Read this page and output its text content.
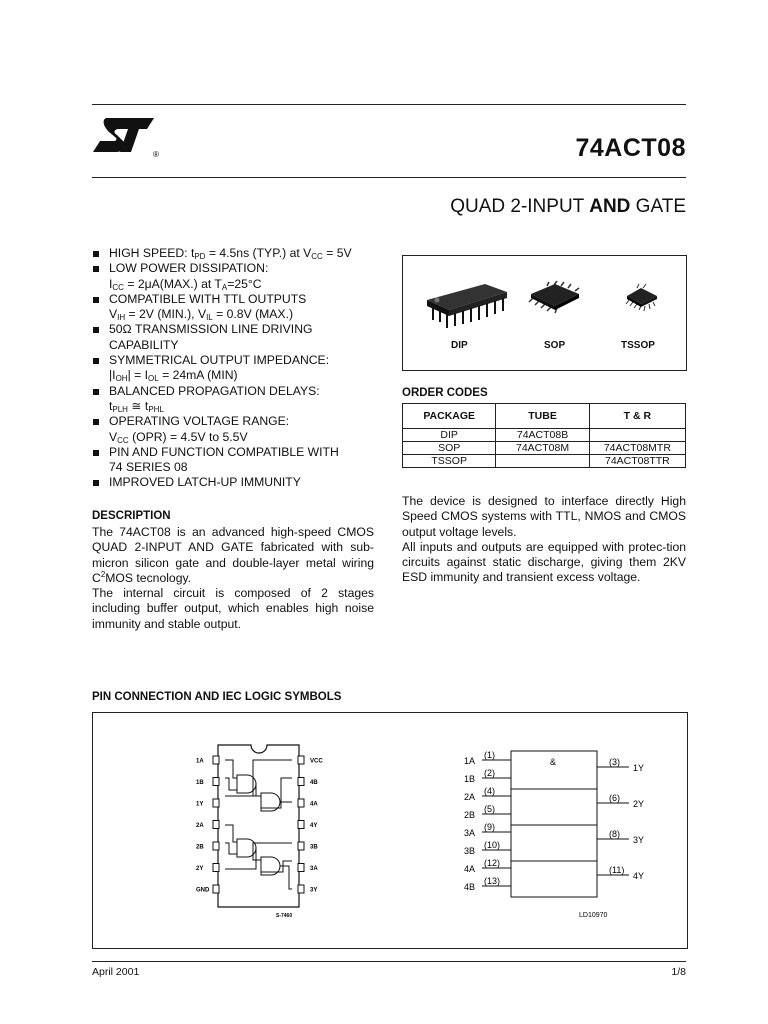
®	74ACT08
QUAD 2-INPUT AND GATE
HIGH SPEED: $t_{PD} = 4.5ns$ (TYP.) at $V_{CC} = 5V$
LOW POWER DISSIPATION:
$I_{CC} = 2\mu A(MAX.)$ at $T_A=25^\circ C$
COMPATIBLE WITH TTL OUTPUTS
$V_{IH} = 2V$ (MIN.), $V_{IL} = 0.8V$ (MAX.)
50Ω TRANSMISSION LINE DRIVING
CAPABILITY
SYMMETRICAL OUTPUT IMPEDANCE:
$|I_{OH}| = I_{OL} = 24mA$ (MIN)
BALANCED PROPAGATION DELAYS:
$t_{PLH}$ ≅ $t_{PHL}$
OPERATING VOLTAGE RANGE:
$V_{CC}$ (OPR) = 4.5V to 5.5V
PIN AND FUNCTION COMPATIBLE WITH
74 SERIES 08
IMPROVED LATCH-UP IMMUNITY
DESCRIPTION
The 74ACT08 is an advanced high-speed CMOS QUAD 2-INPUT AND GATE fabricated with sub-micron silicon gate and double-layer metal wiring $C^2MOS$ tecnology.
The internal circuit is composed of 2 stages including buffer output, which enables high noise immunity and stable output.
DIP	SOP	TSSOP
ORDER CODES
PACKAGE	TUBE	T & R
DIP	74ACT08B	
SOP	74ACT08M	74ACT08MTR
TSSOP		74ACT08TTR
The device is designed to interface directly High Speed CMOS systems with TTL, NMOS and CMOS output voltage levels.
All inputs and outputs are equipped with protec-tion circuits against static discharge, giving them 2KV ESD immunity and transient excess voltage.
PIN CONNECTION AND IEC LOGIC SYMBOLS
1A
1B
1Y
2A
2B
2Y
GND
VCC
4B
4A
4Y
3B
3A
3Y
S-7460
&
1A
(1)
1B
(2)
2A
(4)
2B
(5)
3A
(9)
3B
(10)
4A
(12)
4B
(13)
(3)
1Y
(6)
2Y
(8)
3Y
(11)
4Y
LD10970
April 2001	1/8
